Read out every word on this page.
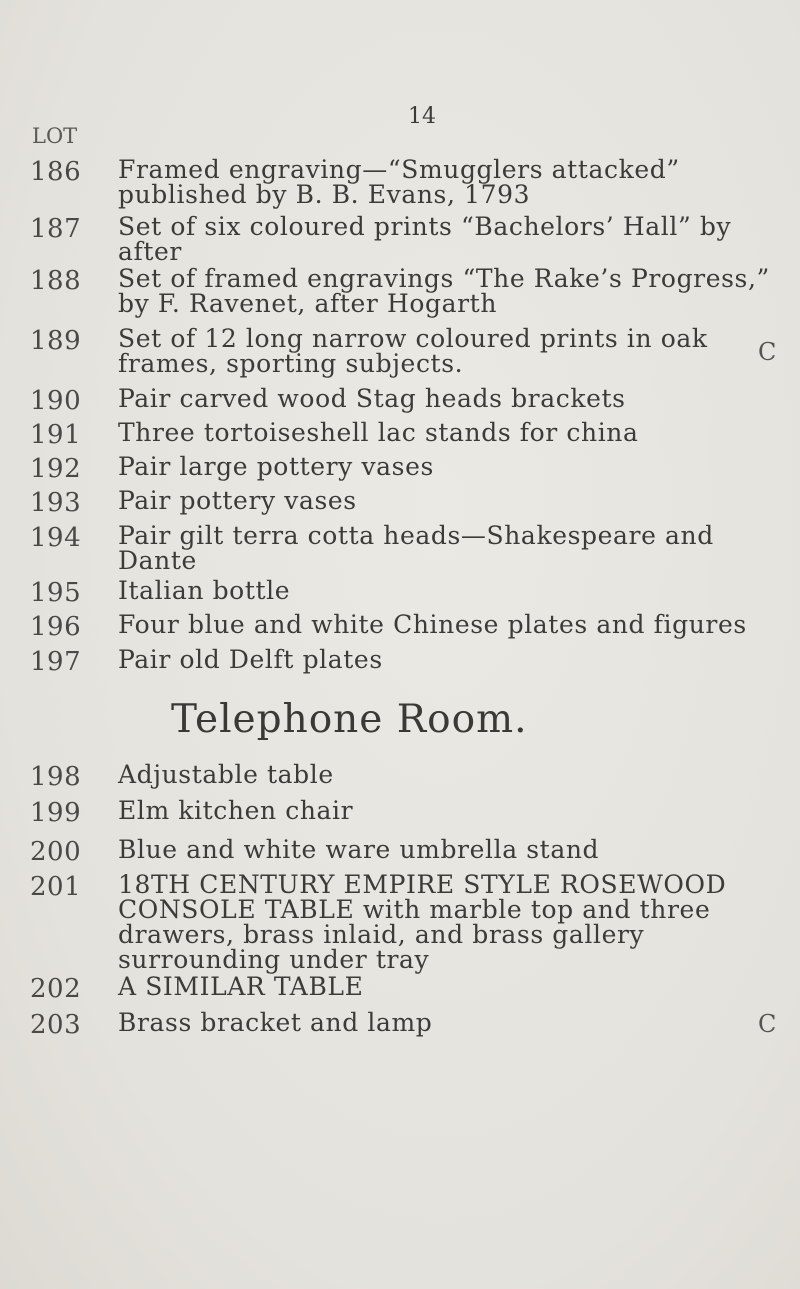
14
LOT
186 Framed engraving—“Smugglers attacked” published by B. B. Evans, 1793
187 Set of six coloured prints “Bachelors’ Hall” by after
188 Set of framed engravings “The Rake’s Progress,” by F. Ravenet, after Hogarth
189 Set of 12 long narrow coloured prints in oak frames, sporting subjects.
190 Pair carved wood Stag heads brackets
191 Three tortoiseshell lac stands for china
192 Pair large pottery vases
193 Pair pottery vases
194 Pair gilt terra cotta heads—Shakespeare and Dante
195 Italian bottle
196 Four blue and white Chinese plates and figures
197 Pair old Delft plates
Telephone Room.
198 Adjustable table
199 Elm kitchen chair
200 Blue and white ware umbrella stand
201 18TH CENTURY EMPIRE STYLE ROSEWOOD CONSOLE TABLE with marble top and three drawers, brass inlaid, and brass gallery surrounding under tray
202 A SIMILAR TABLE
203 Brass bracket and lamp
C
C
